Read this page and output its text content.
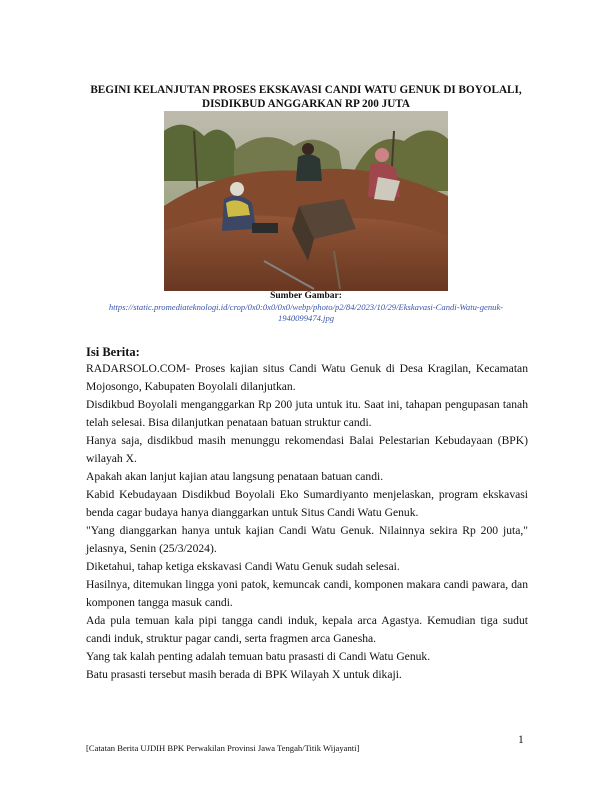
BEGINI KELANJUTAN PROSES EKSKAVASI CANDI WATU GENUK DI BOYOLALI, DISDIKBUD ANGGARKAN RP 200 JUTA
Sumber Gambar:
https://static.promediateknologi.id/crop/0x0:0x0/0x0/webp/photo/p2/84/2023/10/29/Ekskavasi-Candi-Watu-genuk-1940099474.jpg
Isi Berita:

RADARSOLO.COM- Proses kajian situs Candi Watu Genuk di Desa Kragilan, Kecamatan Mojosongo, Kabupaten Boyolali dilanjutkan.

Disdikbud Boyolali menganggarkan Rp 200 juta untuk itu. Saat ini, tahapan pengupasan tanah telah selesai. Bisa dilanjutkan penataan batuan struktur candi.

Hanya saja, disdikbud masih menunggu rekomendasi Balai Pelestarian Kebudayaan (BPK) wilayah X.

Apakah akan lanjut kajian atau langsung penataan batuan candi.

Kabid Kebudayaan Disdikbud Boyolali Eko Sumardiyanto menjelaskan, program ekskavasi benda cagar budaya hanya dianggarkan untuk Situs Candi Watu Genuk.

"Yang dianggarkan hanya untuk kajian Candi Watu Genuk. Nilainnya sekira Rp 200 juta," jelasnya, Senin (25/3/2024).

Diketahui, tahap ketiga ekskavasi Candi Watu Genuk sudah selesai.

Hasilnya, ditemukan lingga yoni patok, kemuncak candi, komponen makara candi pawara, dan komponen tangga masuk candi.

Ada pula temuan kala pipi tangga candi induk, kepala arca Agastya. Kemudian tiga sudut candi induk, struktur pagar candi, serta fragmen arca Ganesha.

Yang tak kalah penting adalah temuan batu prasasti di Candi Watu Genuk.

Batu prasasti tersebut masih berada di BPK Wilayah X untuk dikaji.

1
[Catatan Berita UJDIH BPK Perwakilan Provinsi Jawa Tengah/Titik Wijayanti]
